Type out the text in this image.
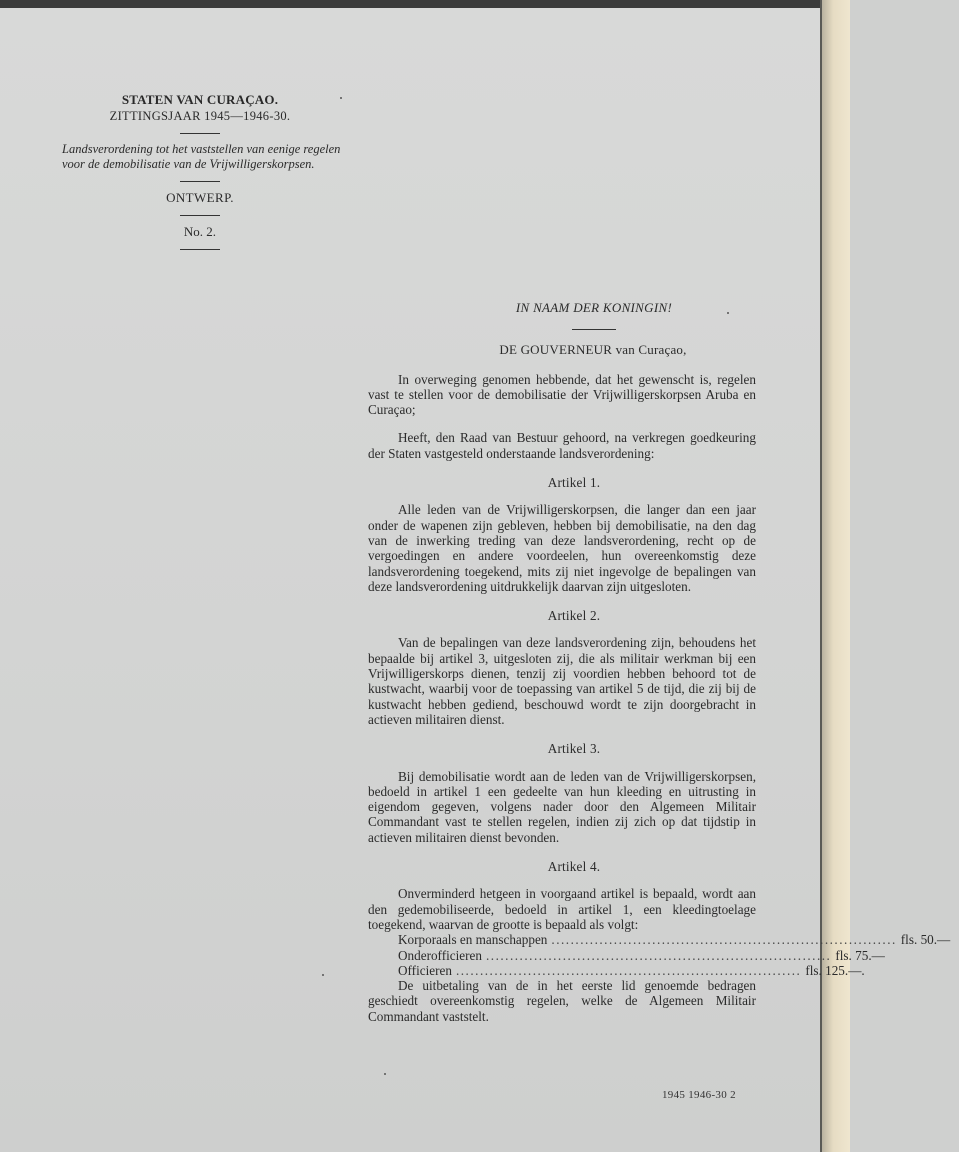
STATEN VAN CURAÇAO.
ZITTINGSJAAR 1945—1946-30.
Landsverordening tot het vaststellen van eenige regelen voor de demobilisatie van de Vrijwilligerskorpsen.
ONTWERP.
No. 2.
IN NAAM DER KONINGIN!
DE GOUVERNEUR van Curaçao,

In overweging genomen hebbende, dat het gewenscht is, regelen vast te stellen voor de demobilisatie der Vrijwilligerskorpsen Aruba en Curaçao;

Heeft, den Raad van Bestuur gehoord, na verkregen goedkeuring der Staten vastgesteld onderstaande landsverordening:

Artikel 1.

Alle leden van de Vrijwilligerskorpsen, die langer dan een jaar onder de wapenen zijn gebleven, hebben bij demobilisatie, na den dag van de inwerking treding van deze landsverordening, recht op de vergoedingen en andere voordeelen, hun overeenkomstig deze landsverordening toegekend, mits zij niet ingevolge de bepalingen van deze landsverordening uitdrukkelijk daarvan zijn uitgesloten.

Artikel 2.

Van de bepalingen van deze landsverordening zijn, behoudens het bepaalde bij artikel 3, uitgesloten zij, die als militair werkman bij een Vrijwilligerskorps dienen, tenzij zij voordien hebben behoord tot de kustwacht, waarbij voor de toepassing van artikel 5 de tijd, die zij bij de kustwacht hebben gediend, beschouwd wordt te zijn doorgebracht in actieven militairen dienst.

Artikel 3.

Bij demobilisatie wordt aan de leden van de Vrijwilligerskorpsen, bedoeld in artikel 1 een gedeelte van hun kleeding en uitrusting in eigendom gegeven, volgens nader door den Algemeen Militair Commandant vast te stellen regelen, indien zij zich op dat tijdstip in actieven militairen dienst bevonden.

Artikel 4.

Onverminderd hetgeen in voorgaand artikel is bepaald, wordt aan den gedemobiliseerde, bedoeld in artikel 1, een kleedingtoelage toegekend, waarvan de grootte is bepaald als volgt:

Korporaals en manschappen ........................................................................ fls. 50.—
Onderofficieren ........................................................................ fls. 75.—
Officieren ........................................................................ fls. 125.—.

De uitbetaling van de in het eerste lid genoemde bedragen geschiedt overeenkomstig regelen, welke de Algemeen Militair Commandant vaststelt.

1945 1946-30 2
